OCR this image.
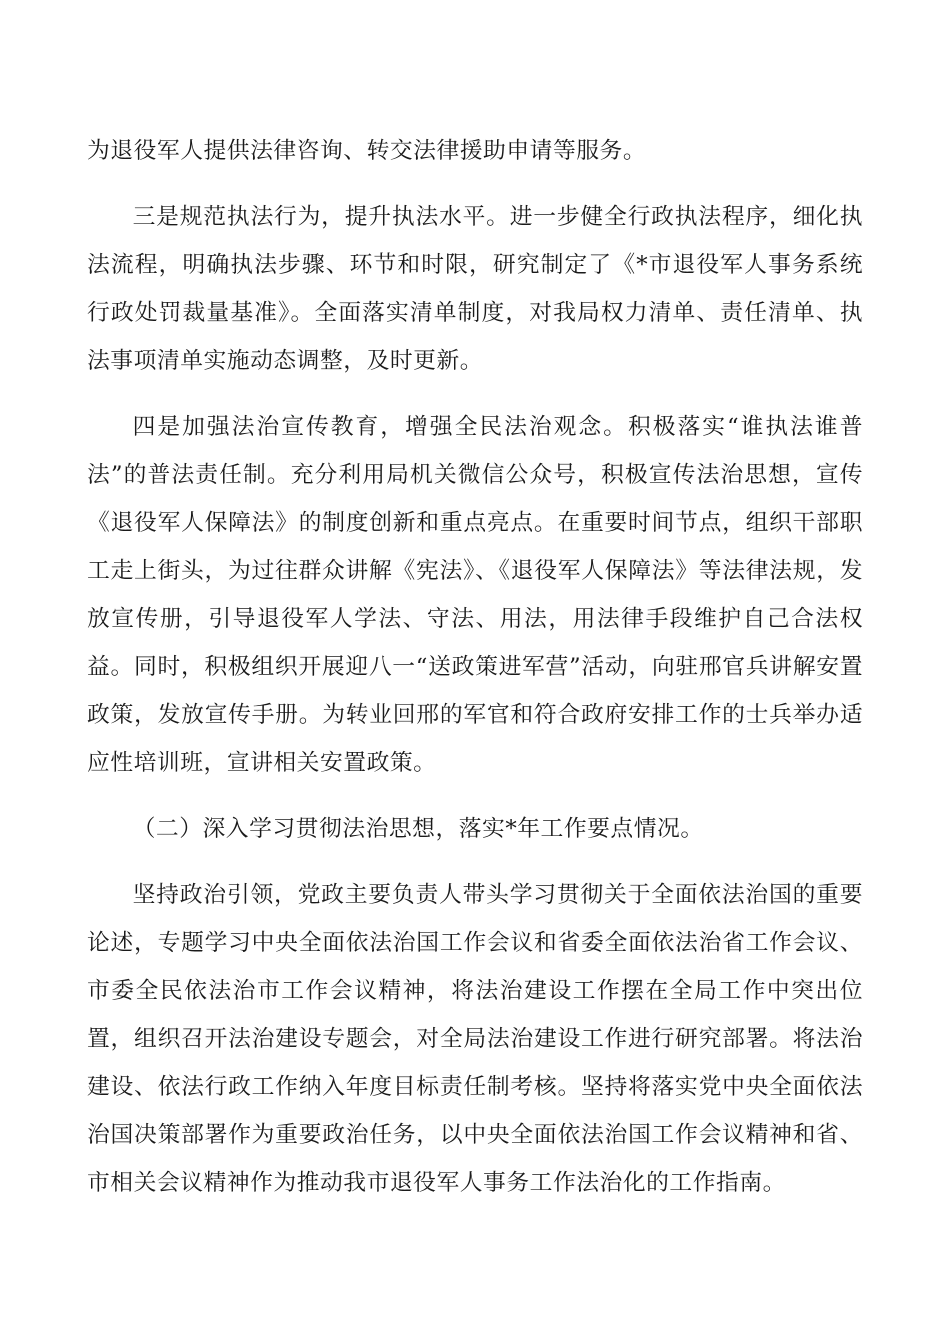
为退役军人提供法律咨询、转交法律援助申请等服务。

三是规范执法行为，提升执法水平。进一步健全行政执法程序，细化执法流程，明确执法步骤、环节和时限，研究制定了《*市退役军人事务系统行政处罚裁量基准》。全面落实清单制度，对我局权力清单、责任清单、执法事项清单实施动态调整，及时更新。

四是加强法治宣传教育，增强全民法治观念。积极落实“谁执法谁普法”的普法责任制。充分利用局机关微信公众号，积极宣传法治思想，宣传《退役军人保障法》的制度创新和重点亮点。在重要时间节点，组织干部职工走上街头，为过往群众讲解《宪法》、《退役军人保障法》等法律法规，发放宣传册，引导退役军人学法、守法、用法，用法律手段维护自己合法权益。同时，积极组织开展迎八一“送政策进军营”活动，向驻邢官兵讲解安置政策，发放宣传手册。为转业回邢的军官和符合政府安排工作的士兵举办适应性培训班，宣讲相关安置政策。

（二）深入学习贯彻法治思想，落实*年工作要点情况。

坚持政治引领，党政主要负责人带头学习贯彻关于全面依法治国的重要论述，专题学习中央全面依法治国工作会议和省委全面依法治省工作会议、市委全民依法治市工作会议精神，将法治建设工作摆在全局工作中突出位置，组织召开法治建设专题会，对全局法治建设工作进行研究部署。将法治建设、依法行政工作纳入年度目标责任制考核。坚持将落实党中央全面依法治国决策部署作为重要政治任务，以中央全面依法治国工作会议精神和省、市相关会议精神作为推动我市退役军人事务工作法治化的工作指南。
